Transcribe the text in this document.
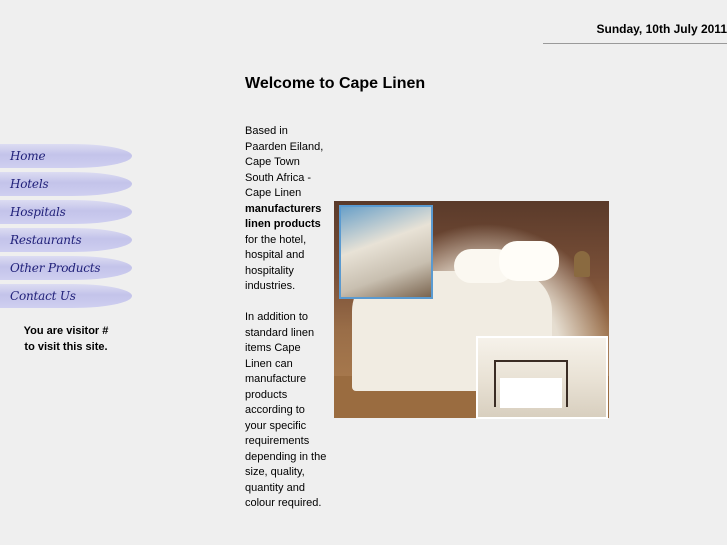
Sunday, 10th July 2011
Home
Hotels
Hospitals
Restaurants
Other Products
Contact Us
You are visitor #
to visit this site.
Welcome to Cape Linen

Based in Paarden Eiland, Cape Town South Africa - Cape Linen manufacturers linen products for the hotel, hospital and hospitality industries.

In addition to standard linen items Cape Linen can manufacture products according to your specific requirements depending in the size, quality, quantity and colour required.
